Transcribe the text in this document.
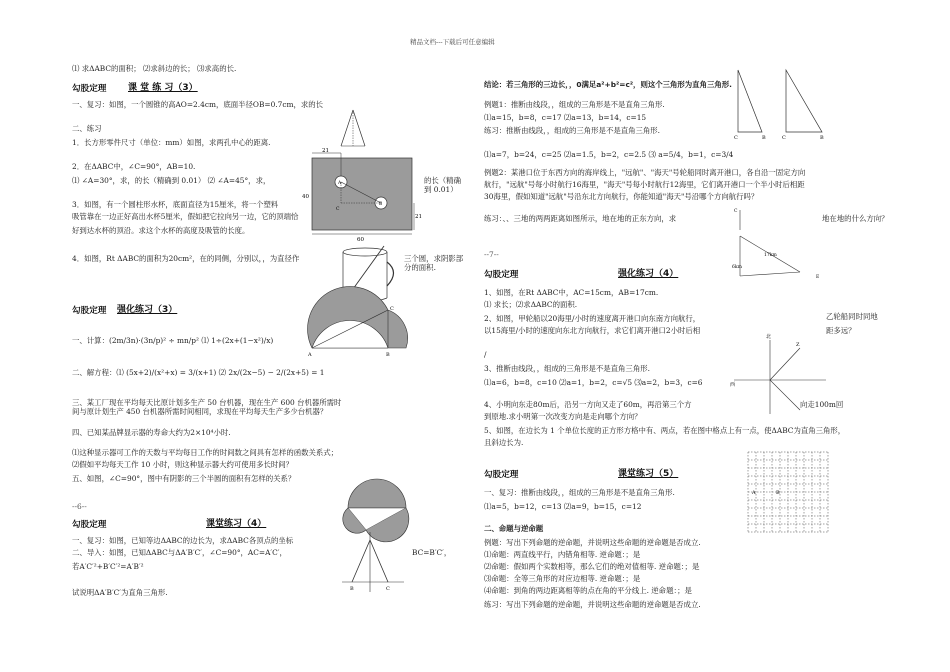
精品文档---下载后可任意编辑
⑴ 求ΔABC的面积； ⑵求斜边的长； ⑶求高的长.
勾股定理 课 堂 练 习（3）
一、复习：如图，一个圆锥的高AO=2.4cm，底面半径OB=0.7cm，求的长
二、练习
1．长方形零件尺寸（单位：mm）如图，求两孔中心的距离.
2．在ΔABC中，∠C=90°，AB=10.
⑴ ∠A=30°，求，的长（精确到 0.01） ⑵ ∠A=45°，求，	的长（精确到 0.01）
3．如图，有一个圆柱形水杯，底面直径为15厘米，将一个塑料
吸管靠在一边正好高出水杯5厘米，假如把它拉向另一边，它的顶端恰
好到达水杯的顶沿。求这个水杯的高度及吸管的长度。
21
40
60
21
A
B
C
4．如图，Rt ΔABC的面积为20cm²，在的同侧，分别以，，为直径作	三个圆，求阴影部分的面积.
勾股定理 强化练习（3）
一、计算：(2m/3n)·(3n/p)² ÷ mn/p² ⑴ 1÷(2x+(1−x²)/x)
二、解方程：⑴ (5x+2)/(x²+x) = 3/(x+1) ⑵ 2x/(2x−5) − 2/(2x+5) = 1
A	B
C
三、某工厂现在平均每天比原计划多生产 50 台机器，现在生产 600 台机器所需时间与原计划生产 450 台机器所需时间相同，求现在平均每天生产多少台机器？
四、已知某品牌显示器的寿命大约为2×10⁴小时.
⑴这种显示器可工作的天数与平均每日工作的时间数之间具有怎样的函数关系式；
⑵假如平均每天工作 10 小时，则这种显示器大约可使用多长时间？
五、如图，∠C=90°，图中有阴影的三个半圆的面积有怎样的关系？
--6--
勾股定理	课堂练习（4）
一、复习：如图，已知等边ΔABC的边长为，求ΔABC各顶点的坐标
二、导入：如图，已知ΔABC与ΔA′B′C′，∠C=90°，AC=A′C′，	BC=B′C′，
若A′C′²+B′C′²=A′B′²
B	C
试说明ΔA′B′C′为直角三角形.
结论：若三角形的三边长，，0满足a²+b²=c²，则这个三角形为直角三角形.
C	B	C	B
例题1：推断由线段，，组成的三角形是不是直角三角形.
⑴a=15，b=8，c=17 ⑵a=13，b=14，c=15
练习：推断由线段，，组成的三角形是不是直角三角形.
⑴a=7，b=24，c=25 ⑵a=1.5，b=2，c=2.5 ⑶ a=5/4，b=1，c=3/4
例题2：某港口位于东西方向的海岸线上，"远航"、"海天"号轮船同时离开港口，各自沿一固定方向
航行，"远航"号每小时航行16海里，"海天"号每小时航行12海里，它们离开港口一个半小时后相距
30海里，假如知道"远航"号沿东北方向航行，你能知道"海天"号沿哪个方向航行吗？
练习：、、三地的两两距离如图所示，地在地的正东方向，求	地在地的什么方向？
C
6km
17km
E
--7--
勾股定理	强化练习（4）
1、如图，在Rt ΔABC中，AC=15cm，AB=17cm.
⑴ 求长；⑵求ΔABC的面积.
2、如图，甲轮船以20海里/小时的速度离开港口向东南方向航行，	乙轮船同时同地
以15海里/小时的速度向东北方向航行，求它们离开港口2小时后相	距多远？
/
北
西
Z
3、推断由线段，，组成的三角形是不是直角三角形.
⑴a=6，b=8，c=10 ⑵a=1，b=2，c=√5 ⑶a=2，b=3，c=6
4、小明向东走80m后，沿另一方向又走了60m，再沿第三个方	向走100m回
到原地.求小明第一次改变方向是走向哪个方向？
5、如图，在边长为 1 个单位长度的正方形方格中有、两点，若在图中格点上有一点，使ΔABC为直角三角形，
且斜边长为.
A	B
勾股定理	课堂练习（5）
一、复习：推断由线段，，组成的三角形是不是直角三角形.
⑴a=5，b=12，c=13 ⑵a=9，b=15，c=12
二、命题与逆命题
例题：写出下列命题的逆命题，并说明这些命题的逆命题是否成立.
⑴命题：两直线平行，内错角相等. 逆命题：；是
⑵命题：假如两个实数相等，那么它们的绝对值相等. 逆命题：；是
⑶命题：全等三角形的对应边相等. 逆命题：；是
⑷命题：到角的两边距离相等的点在角的平分线上. 逆命题：；是
练习：写出下列命题的逆命题，并说明这些命题的逆命题是否成立.
